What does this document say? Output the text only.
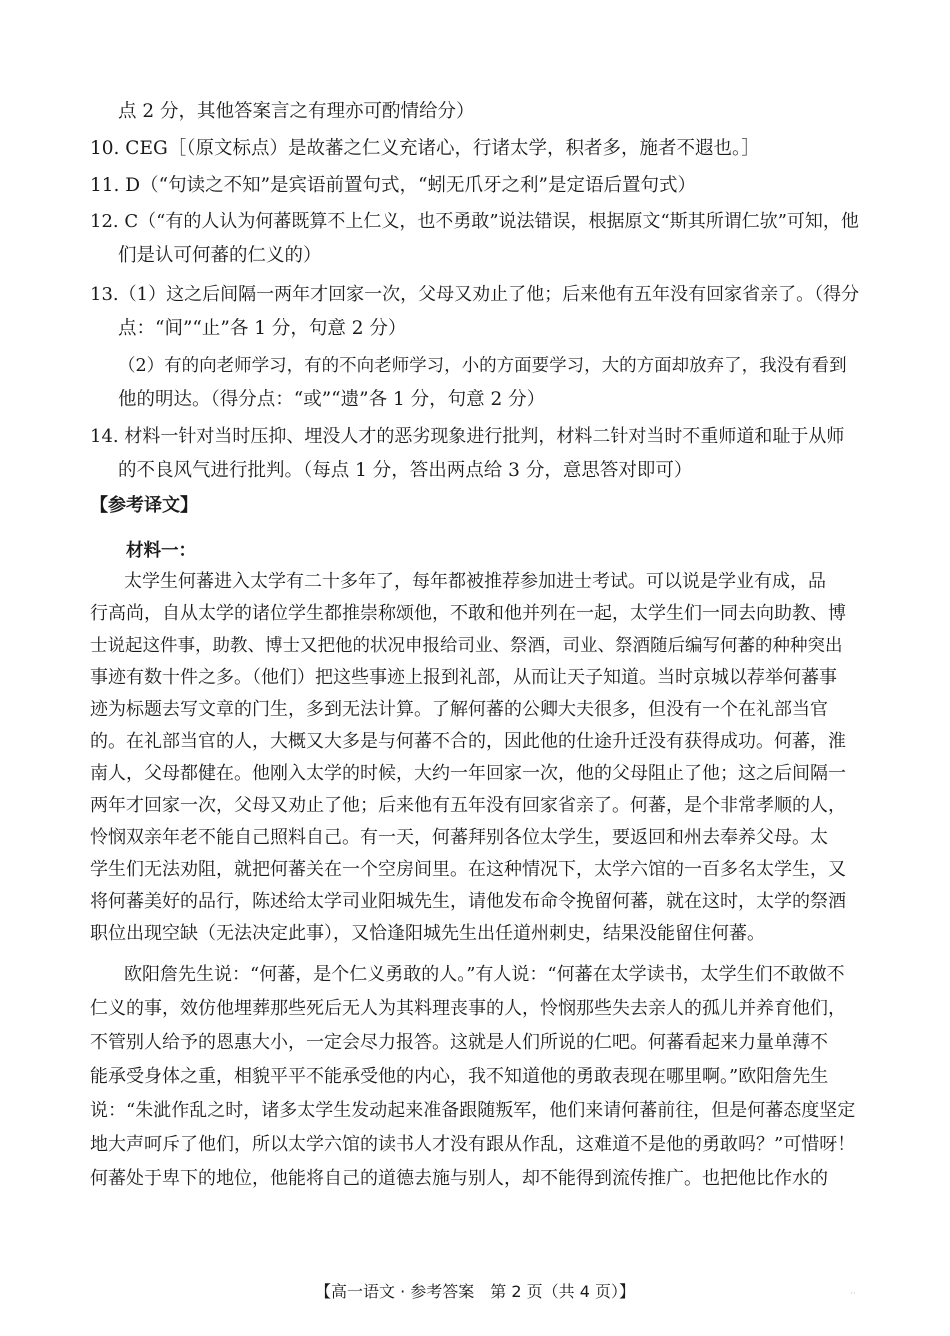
点 2 分，其他答案言之有理亦可酌情给分）
10. CEG［（原文标点）是故蕃之仁义充诸心，行诸太学，积者多，施者不遐也。］
11. D（“句读之不知”是宾语前置句式，“蚓无爪牙之利”是定语后置句式）
12. C（“有的人认为何蕃既算不上仁义，也不勇敢”说法错误，根据原文“斯其所谓仁欤”可知，他
们是认可何蕃的仁义的）
13.（1）这之后间隔一两年才回家一次，父母又劝止了他；后来他有五年没有回家省亲了。（得分
点：“间”“止”各 1 分，句意 2 分）
（2）有的向老师学习，有的不向老师学习，小的方面要学习，大的方面却放弃了，我没有看到
他的明达。（得分点：“或”“遗”各 1 分，句意 2 分）
14. 材料一针对当时压抑、埋没人才的恶劣现象进行批判，材料二针对当时不重师道和耻于从师
的不良风气进行批判。（每点 1 分，答出两点给 3 分，意思答对即可）
【参考译文】
材料一：
太学生何蕃进入太学有二十多年了，每年都被推荐参加进士考试。可以说是学业有成，品
行高尚，自从太学的诸位学生都推崇称颂他，不敢和他并列在一起，太学生们一同去向助教、博
士说起这件事，助教、博士又把他的状况申报给司业、祭酒，司业、祭酒随后编写何蕃的种种突出
事迹有数十件之多。（他们）把这些事迹上报到礼部，从而让天子知道。当时京城以荐举何蕃事
迹为标题去写文章的门生，多到无法计算。了解何蕃的公卿大夫很多，但没有一个在礼部当官
的。在礼部当官的人，大概又大多是与何蕃不合的，因此他的仕途升迁没有获得成功。何蕃，淮
南人，父母都健在。他刚入太学的时候，大约一年回家一次，他的父母阻止了他；这之后间隔一
两年才回家一次，父母又劝止了他；后来他有五年没有回家省亲了。何蕃，是个非常孝顺的人，
怜悯双亲年老不能自己照料自己。有一天，何蕃拜别各位太学生，要返回和州去奉养父母。太
学生们无法劝阻，就把何蕃关在一个空房间里。在这种情况下，太学六馆的一百多名太学生，又
将何蕃美好的品行，陈述给太学司业阳城先生，请他发布命令挽留何蕃，就在这时，太学的祭酒
职位出现空缺（无法决定此事），又恰逢阳城先生出任道州刺史，结果没能留住何蕃。
欧阳詹先生说：“何蕃，是个仁义勇敢的人。”有人说：“何蕃在太学读书，太学生们不敢做不
仁义的事，效仿他埋葬那些死后无人为其料理丧事的人，怜悯那些失去亲人的孤儿并养育他们，
不管别人给予的恩惠大小，一定会尽力报答。这就是人们所说的仁吧。何蕃看起来力量单薄不
能承受身体之重，相貌平平不能承受他的内心，我不知道他的勇敢表现在哪里啊。”欧阳詹先生
说：“朱泚作乱之时，诸多太学生发动起来准备跟随叛军，他们来请何蕃前往，但是何蕃态度坚定
地大声呵斥了他们，所以太学六馆的读书人才没有跟从作乱，这难道不是他的勇敢吗？”可惜呀！
何蕃处于卑下的地位，他能将自己的道德去施与别人，却不能得到流传推广。也把他比作水的
【高一语文 · 参考答案　第 2 页（共 4 页）】	··
